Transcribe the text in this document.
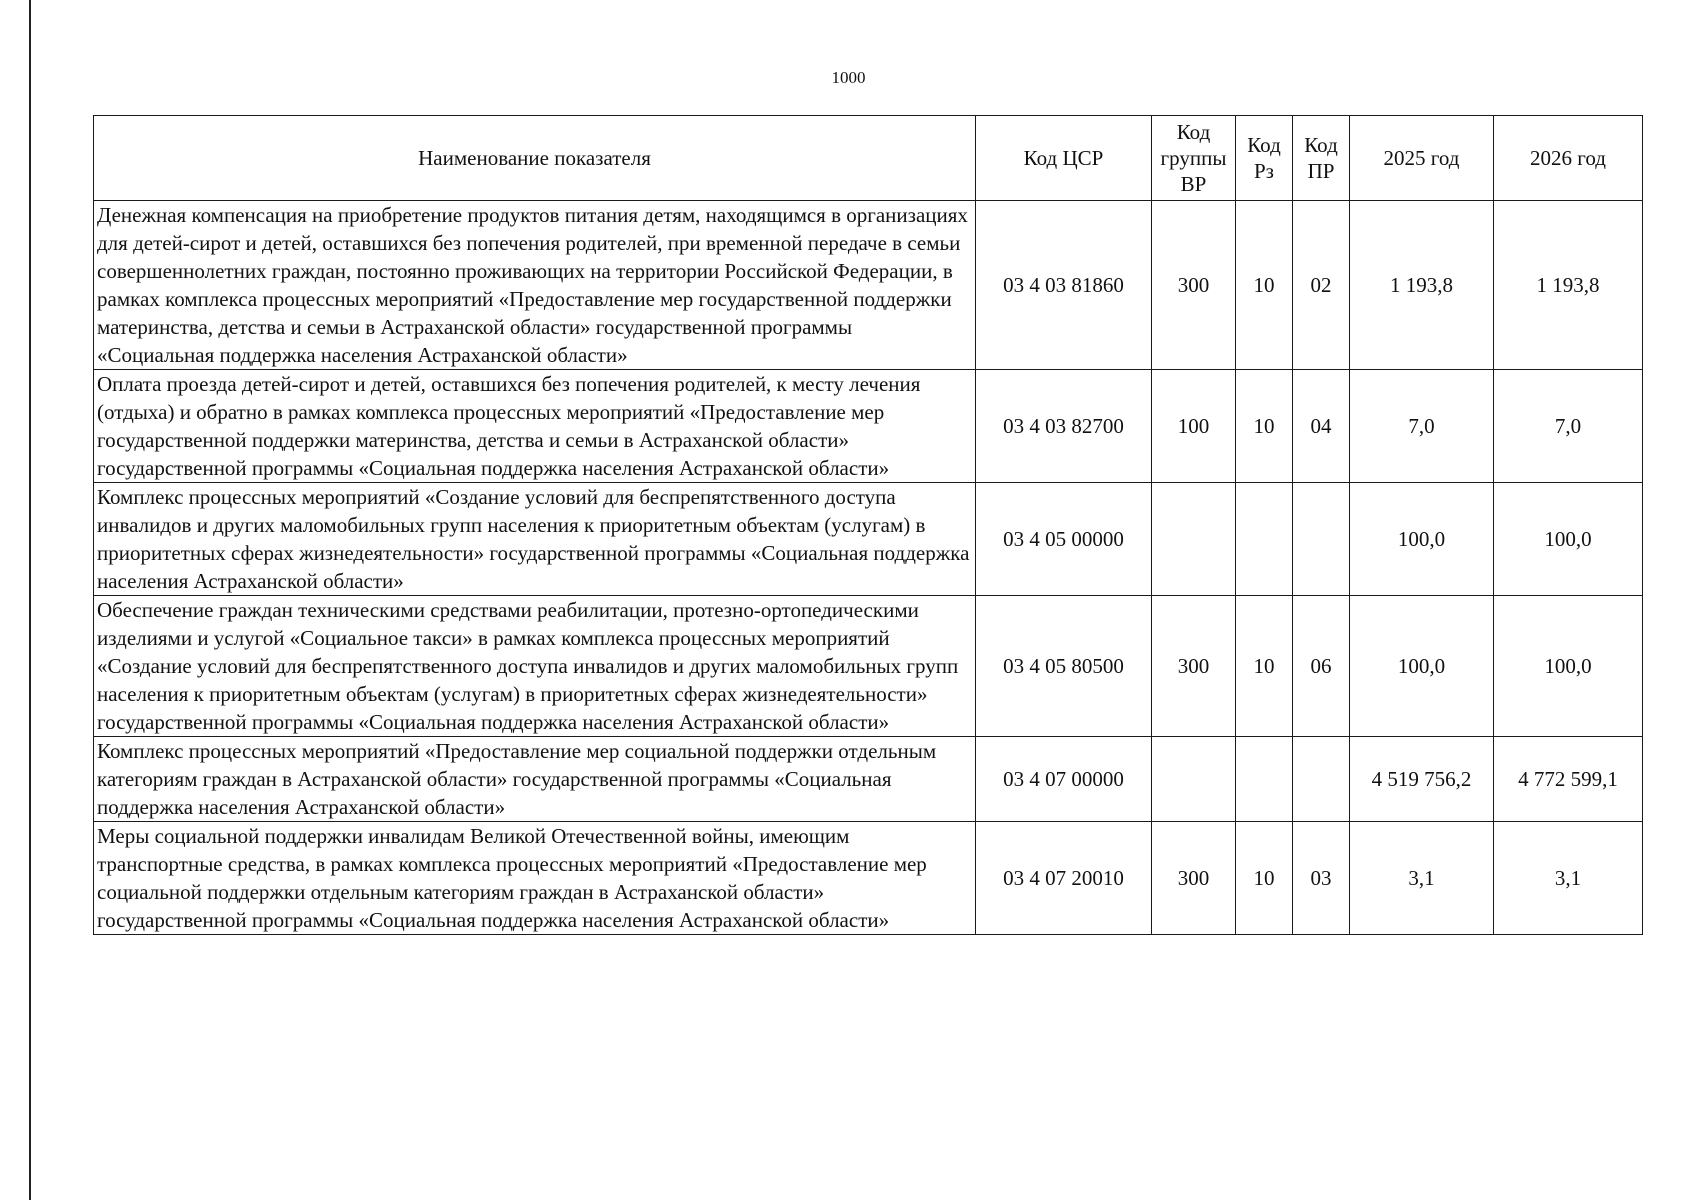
1000
Наименование показателя	Код ЦСР	Код группы ВР	Код Рз	Код ПР	2025 год	2026 год
Денежная компенсация на приобретение продуктов питания детям, находящимся в организациях для детей-сирот и детей, оставшихся без попечения родителей, при временной передаче в семьи совершеннолетних граждан, постоянно проживающих на территории Российской Федерации, в рамках комплекса процессных мероприятий «Предоставление мер государственной поддержки материнства, детства и семьи в Астраханской области» государственной программы «Социальная поддержка населения Астраханской области»	03 4 03 81860	300	10	02	1 193,8	1 193,8
Оплата проезда детей-сирот и детей, оставшихся без попечения родителей, к месту лечения (отдыха) и обратно в рамках комплекса процессных мероприятий «Предоставление мер государственной поддержки материнства, детства и семьи в Астраханской области» государственной программы «Социальная поддержка населения Астраханской области»	03 4 03 82700	100	10	04	7,0	7,0
Комплекс процессных мероприятий «Создание условий для беспрепятственного доступа инвалидов и других маломобильных групп населения к приоритетным объектам (услугам) в приоритетных сферах жизнедеятельности» государственной программы «Социальная поддержка населения Астраханской области»	03 4 05 00000				100,0	100,0
Обеспечение граждан техническими средствами реабилитации, протезно-ортопедическими изделиями и услугой «Социальное такси» в рамках комплекса процессных мероприятий «Создание условий для беспрепятственного доступа инвалидов и других маломобильных групп населения к приоритетным объектам (услугам) в приоритетных сферах жизнедеятельности» государственной программы «Социальная поддержка населения Астраханской области»	03 4 05 80500	300	10	06	100,0	100,0
Комплекс процессных мероприятий «Предоставление мер социальной поддержки отдельным категориям граждан в Астраханской области» государственной программы «Социальная поддержка населения Астраханской области»	03 4 07 00000				4 519 756,2	4 772 599,1
Меры социальной поддержки инвалидам Великой Отечественной войны, имеющим транспортные средства, в рамках комплекса процессных мероприятий «Предоставление мер социальной поддержки отдельным категориям граждан в Астраханской области» государственной программы «Социальная поддержка населения Астраханской области»	03 4 07 20010	300	10	03	3,1	3,1
